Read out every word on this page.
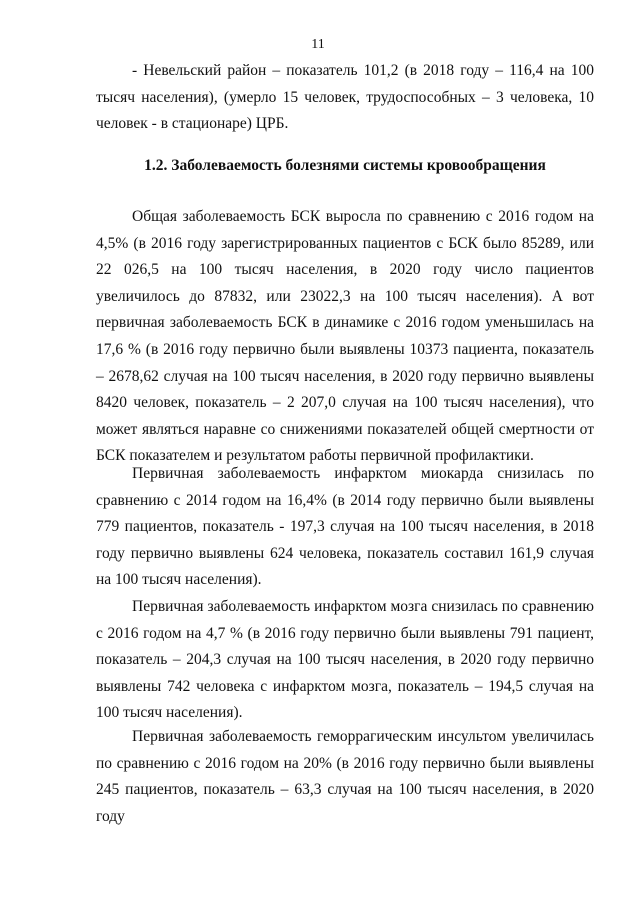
11

- Невельский район – показатель 101,2 (в 2018 году – 116,4 на 100 тысяч населения), (умерло 15 человек, трудоспособных – 3 человека, 10 человек - в стационаре) ЦРБ.

1.2. Заболеваемость болезнями системы кровообращения

Общая заболеваемость БСК выросла по сравнению с 2016 годом на 4,5% (в 2016 году зарегистрированных пациентов с БСК было 85289, или 22 026,5 на 100 тысяч населения, в 2020 году число пациентов увеличилось до 87832, или 23022,3 на 100 тысяч населения). А вот первичная заболеваемость БСК в динамике с 2016 годом уменьшилась на 17,6 % (в 2016 году первично были выявлены 10373 пациента, показатель – 2678,62 случая на 100 тысяч населения, в 2020 году первично выявлены 8420 человек, показатель – 2 207,0 случая на 100 тысяч населения), что может являться наравне со снижениями показателей общей смертности от БСК показателем и результатом работы первичной профилактики.

Первичная заболеваемость инфарктом миокарда снизилась по сравнению с 2014 годом на 16,4% (в 2014 году первично были выявлены 779 пациентов, показатель - 197,3 случая на 100 тысяч населения, в 2018 году первично выявлены 624 человека, показатель составил 161,9 случая на 100 тысяч населения).

Первичная заболеваемость инфарктом мозга снизилась по сравнению с 2016 годом на 4,7 % (в 2016 году первично были выявлены 791 пациент, показатель – 204,3 случая на 100 тысяч населения, в 2020 году первично выявлены 742 человека с инфарктом мозга, показатель – 194,5 случая на 100 тысяч населения).

Первичная заболеваемость геморрагическим инсультом увеличилась по сравнению с 2016 годом на 20% (в 2016 году первично были выявлены 245 пациентов, показатель – 63,3 случая на 100 тысяч населения, в 2020 году
